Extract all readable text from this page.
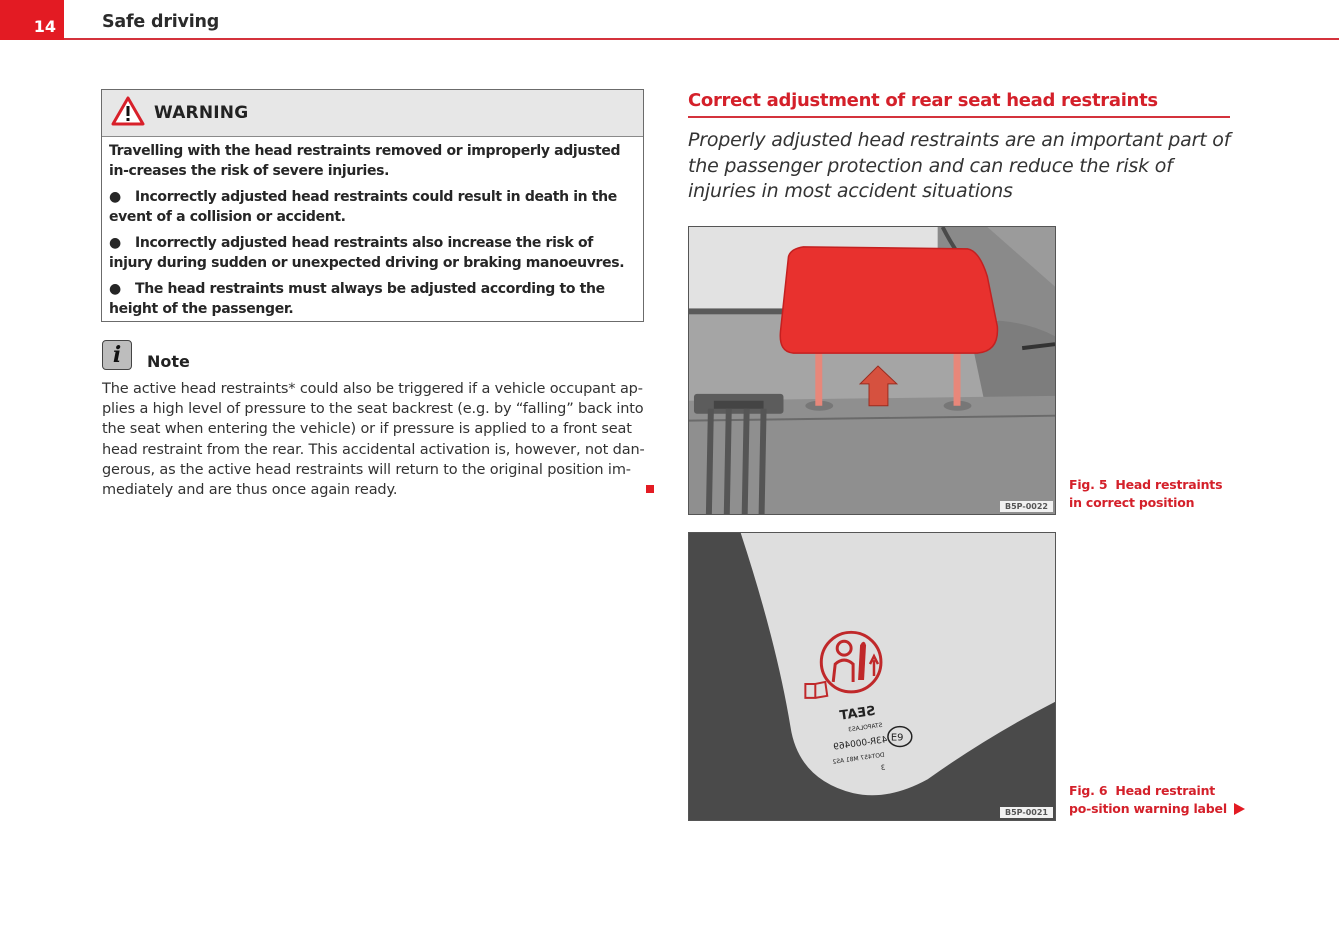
14	Safe driving
WARNING

Travelling with the head restraints removed or improperly adjusted in-creases the risk of severe injuries.

● Incorrectly adjusted head restraints could result in death in the event of a collision or accident.

● Incorrectly adjusted head restraints also increase the risk of injury during sudden or unexpected driving or braking manoeuvres.

● The head restraints must always be adjusted according to the height of the passenger.

i	Note
The active head restraints* could also be triggered if a vehicle occupant ap-plies a high level of pressure to the seat backrest (e.g. by “falling” back into the seat when entering the vehicle) or if pressure is applied to a front seat head restraint from the rear. This accidental activation is, however, not dan-gerous, as the active head restraints will return to the original position im-mediately and are thus once again ready.
Correct adjustment of rear seat head restraints
Properly adjusted head restraints are an important part of the passenger protection and can reduce the risk of injuries in most accident situations
B5P-0022
Fig. 5 Head restraints in correct position
SEAT
STAPOLAS3
43R-000469
DOT457 M81 AS2
3
E9
B5P-0021
Fig. 6 Head restraint po-sition warning label
